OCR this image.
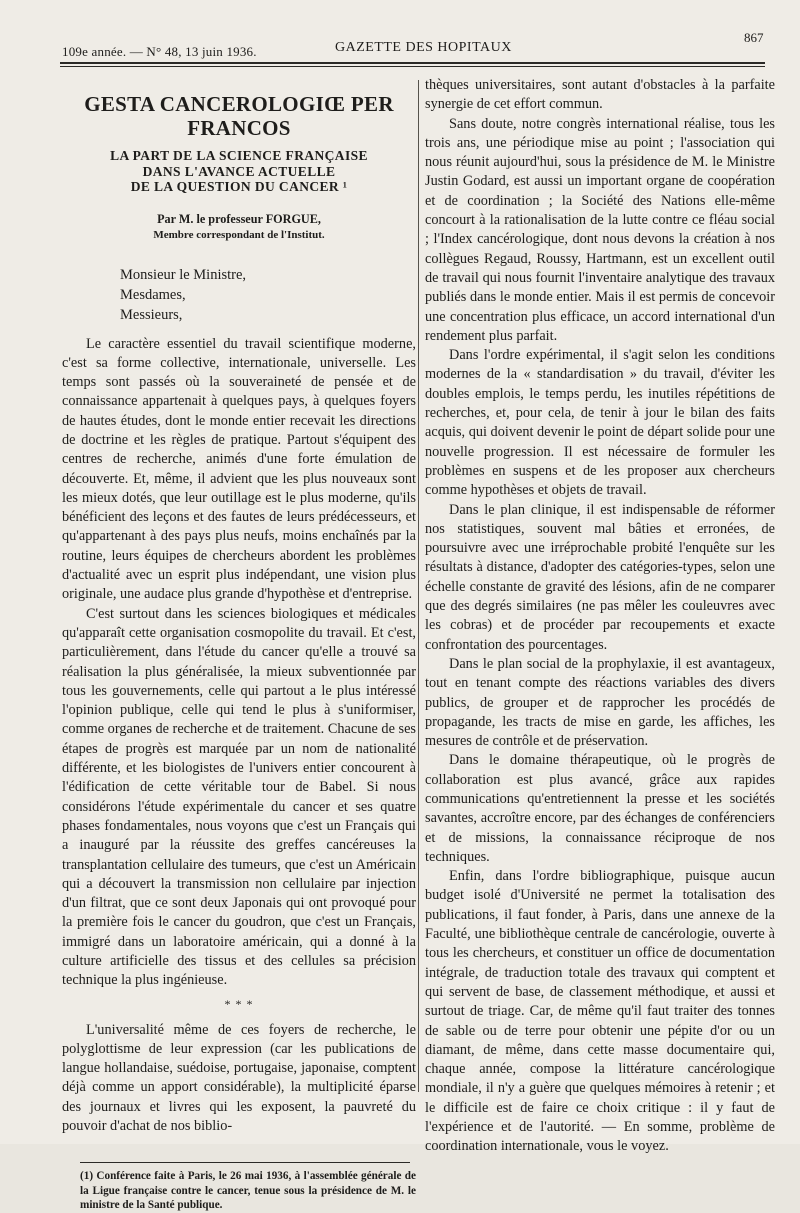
109e année. — N° 48, 13 juin 1936.	GAZETTE DES HOPITAUX
867
GESTA CANCEROLOGIŒ PER FRANCOS
LA PART DE LA SCIENCE FRANÇAISE
DANS L'AVANCE ACTUELLE
DE LA QUESTION DU CANCER ¹
Par M. le professeur FORGUE,
Membre correspondant de l'Institut.
Monsieur le Ministre,
Mesdames,
Messieurs,

Le caractère essentiel du travail scientifique moderne, c'est sa forme collective, internationale, universelle. Les temps sont passés où la souveraineté de pensée et de connaissance appartenait à quelques pays, à quelques foyers de hautes études, dont le monde entier recevait les directions de doctrine et les règles de pratique. Partout s'équipent des centres de recherche, animés d'une forte émulation de découverte. Et, même, il advient que les plus nouveaux sont les mieux dotés, que leur outillage est le plus moderne, qu'ils bénéficient des leçons et des fautes de leurs prédécesseurs, et qu'appartenant à des pays plus neufs, moins enchaînés par la routine, leurs équipes de chercheurs abordent les problèmes d'actualité avec un esprit plus indépendant, une vision plus originale, une audace plus grande d'hypothèse et d'entreprise.

C'est surtout dans les sciences biologiques et médicales qu'apparaît cette organisation cosmopolite du travail. Et c'est, particulièrement, dans l'étude du cancer qu'elle a trouvé sa réalisation la plus généralisée, la mieux subventionnée par tous les gouvernements, celle qui partout a le plus intéressé l'opinion publique, celle qui tend le plus à s'uniformiser, comme organes de recherche et de traitement. Chacune de ses étapes de progrès est marquée par un nom de nationalité différente, et les biologistes de l'univers entier concourent à l'édification de cette véritable tour de Babel. Si nous considérons l'étude expérimentale du cancer et ses quatre phases fondamentales, nous voyons que c'est un Français qui a inauguré par la réussite des greffes cancéreuses la transplantation cellulaire des tumeurs, que c'est un Américain qui a découvert la transmission non cellulaire par injection d'un filtrat, que ce sont deux Japonais qui ont provoqué pour la première fois le cancer du goudron, que c'est un Français, immigré dans un laboratoire américain, qui a donné à la culture artificielle des tissus et des cellules sa précision technique la plus ingénieuse.

* * *

L'universalité même de ces foyers de recherche, le polyglottisme de leur expression (car les publications de langue hollandaise, suédoise, portugaise, japonaise, comptent déjà comme un apport considérable), la multiplicité éparse des journaux et livres qui les exposent, la pauvreté du pouvoir d'achat de nos biblio-

(1) Conférence faite à Paris, le 26 mai 1936, à l'assemblée générale de la Ligue française contre le cancer, tenue sous la présidence de M. le ministre de la Santé publique.

thèques universitaires, sont autant d'obstacles à la parfaite synergie de cet effort commun.

Sans doute, notre congrès international réalise, tous les trois ans, une périodique mise au point ; l'association qui nous réunit aujourd'hui, sous la présidence de M. le Ministre Justin Godard, est aussi un important organe de coopération et de coordination ; la Société des Nations elle-même concourt à la rationalisation de la lutte contre ce fléau social ; l'Index cancérologique, dont nous devons la création à nos collègues Regaud, Roussy, Hartmann, est un excellent outil de travail qui nous fournit l'inventaire analytique des travaux publiés dans le monde entier. Mais il est permis de concevoir une concentration plus efficace, un accord international d'un rendement plus parfait.

Dans l'ordre expérimental, il s'agit selon les conditions modernes de la « standardisation » du travail, d'éviter les doubles emplois, le temps perdu, les inutiles répétitions de recherches, et, pour cela, de tenir à jour le bilan des faits acquis, qui doivent devenir le point de départ solide pour une nouvelle progression. Il est nécessaire de formuler les problèmes en suspens et de les proposer aux chercheurs comme hypothèses et objets de travail.

Dans le plan clinique, il est indispensable de réformer nos statistiques, souvent mal bâties et erronées, de poursuivre avec une irréprochable probité l'enquête sur les résultats à distance, d'adopter des catégories-types, selon une échelle constante de gravité des lésions, afin de ne comparer que des degrés similaires (ne pas mêler les couleuvres avec les cobras) et de procéder par recoupements et exacte confrontation des pourcentages.

Dans le plan social de la prophylaxie, il est avantageux, tout en tenant compte des réactions variables des divers publics, de grouper et de rapprocher les procédés de propagande, les tracts de mise en garde, les affiches, les mesures de contrôle et de préservation.

Dans le domaine thérapeutique, où le progrès de collaboration est plus avancé, grâce aux rapides communications qu'entretiennent la presse et les sociétés savantes, accroître encore, par des échanges de conférenciers et de missions, la connaissance réciproque de nos techniques.

Enfin, dans l'ordre bibliographique, puisque aucun budget isolé d'Université ne permet la totalisation des publications, il faut fonder, à Paris, dans une annexe de la Faculté, une bibliothèque centrale de cancérologie, ouverte à tous les chercheurs, et constituer un office de documentation intégrale, de traduction totale des travaux qui comptent et qui servent de base, de classement méthodique, et aussi et surtout de triage. Car, de même qu'il faut traiter des tonnes de sable ou de terre pour obtenir une pépite d'or ou un diamant, de même, dans cette masse documentaire qui, chaque année, compose la littérature cancérologique mondiale, il n'y a guère que quelques mémoires à retenir ; et le difficile est de faire ce choix critique : il y faut de l'expérience et de l'autorité. — En somme, problème de coordination internationale, vous le voyez.
